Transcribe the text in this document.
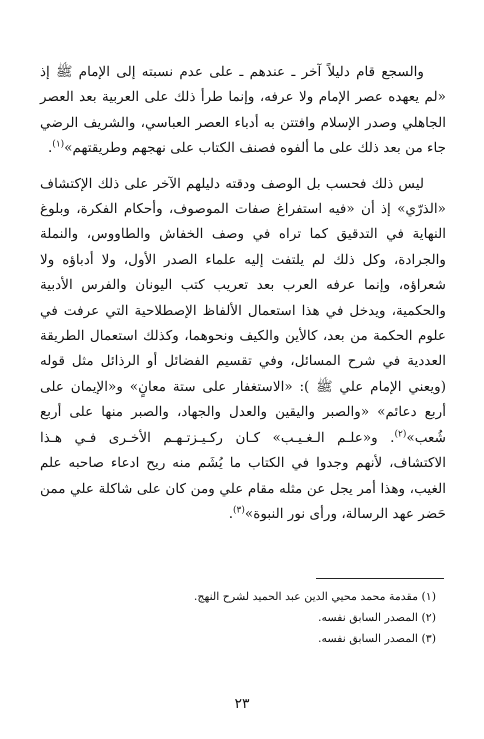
والسجع قام دليلاً آخر ـ عندهم ـ على عدم نسبته إلى الإمام ﷺ إذ «لم يعهده عصر الإمام ولا عرفه، وإنما طرأ ذلك على العربية بعد العصر الجاهلي وصدر الإسلام وافتتن به أدباء العصر العباسي، والشريف الرضي جاء من بعد ذلك على ما ألفوه فصنف الكتاب على نهجهم وطريقتهم»$^{(١)}$.

ليس ذلك فحسب بل الوصف ودقته دليلهم الآخر على ذلك الإكتشاف «الذرّي» إذ أن «فيه استفراغ صفات الموصوف، وأحكام الفكرة، وبلوغ النهاية في التدقيق كما تراه في وصف الخفاش والطاووس، والنملة والجرادة، وكل ذلك لم يلتفت إليه علماء الصدر الأول، ولا أدباؤه ولا شعراؤه، وإنما عرفه العرب بعد تعريب كتب اليونان والفرس الأدبية والحكمية، ويدخل في هذا استعمال الألفاظ الإصطلاحية التي عرفت في علوم الحكمة من بعد، كالأين والكيف ونحوهما، وكذلك استعمال الطريقة العددية في شرح المسائل، وفي تقسيم الفضائل أو الرذائل مثل قوله (ويعني الإمام علي ﷺ ): «الاستغفار على ستة معانٍ» و«الإيمان على أربع دعائم» «والصبر واليقين والعدل والجهاد، والصبر منها على أربع شُعب»$^{(٢)}$. و«علـم الـغـيـب» كـان ركـيـزتـهـم الأخـرى فـي هـذا الاكتشاف، لأنهم وجدوا في الكتاب ما يُشَم منه ريح ادعاء صاحبه علم الغيب، وهذا أمر يجل عن مثله مقام علي ومن كان على شاكلة علي ممن حَضر عهد الرسالة، ورأى نور النبوة»$^{(٣)}$.

(١) مقدمة محمد محيي الدين عبد الحميد لشرح النهج.
(٢) المصدر السابق نفسه.
(٣) المصدر السابق نفسه.
٢٣
